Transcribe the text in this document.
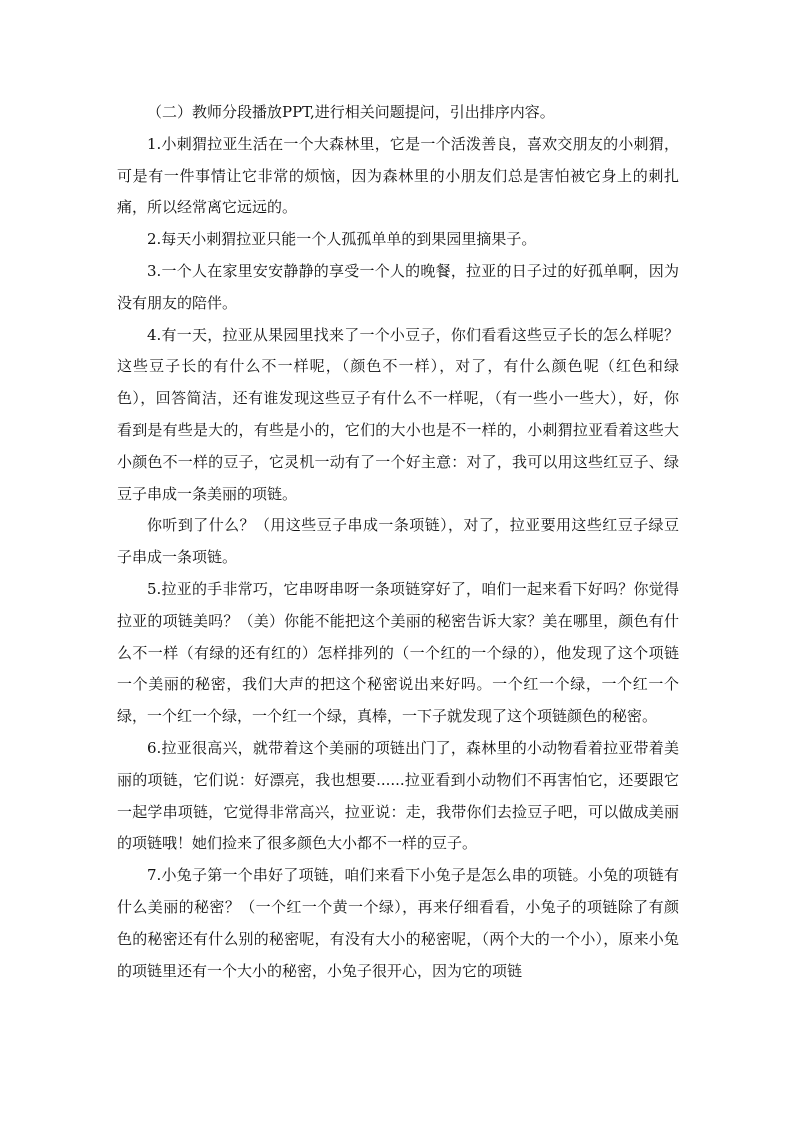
（二）教师分段播放PPT,进行相关问题提问，引出排序内容。

1.小刺猬拉亚生活在一个大森林里，它是一个活泼善良，喜欢交朋友的小刺猬，可是有一件事情让它非常的烦恼，因为森林里的小朋友们总是害怕被它身上的刺扎痛，所以经常离它远远的。

2.每天小刺猬拉亚只能一个人孤孤单单的到果园里摘果子。

3.一个人在家里安安静静的享受一个人的晚餐，拉亚的日子过的好孤单啊，因为没有朋友的陪伴。

4.有一天，拉亚从果园里找来了一个小豆子，你们看看这些豆子长的怎么样呢？这些豆子长的有什么不一样呢，（颜色不一样），对了，有什么颜色呢（红色和绿色），回答简洁，还有谁发现这些豆子有什么不一样呢，（有一些小一些大），好，你看到是有些是大的，有些是小的，它们的大小也是不一样的，小刺猬拉亚看着这些大小颜色不一样的豆子，它灵机一动有了一个好主意：对了，我可以用这些红豆子、绿豆子串成一条美丽的项链。

你听到了什么？（用这些豆子串成一条项链），对了，拉亚要用这些红豆子绿豆子串成一条项链。

5.拉亚的手非常巧，它串呀串呀一条项链穿好了，咱们一起来看下好吗？你觉得拉亚的项链美吗？（美）你能不能把这个美丽的秘密告诉大家？美在哪里，颜色有什么不一样（有绿的还有红的）怎样排列的（一个红的一个绿的），他发现了这个项链一个美丽的秘密，我们大声的把这个秘密说出来好吗。一个红一个绿，一个红一个绿，一个红一个绿，一个红一个绿，真棒，一下子就发现了这个项链颜色的秘密。

6.拉亚很高兴，就带着这个美丽的项链出门了，森林里的小动物看着拉亚带着美丽的项链，它们说：好漂亮，我也想要......拉亚看到小动物们不再害怕它，还要跟它一起学串项链，它觉得非常高兴，拉亚说：走，我带你们去捡豆子吧，可以做成美丽的项链哦！她们捡来了很多颜色大小都不一样的豆子。

7.小兔子第一个串好了项链，咱们来看下小兔子是怎么串的项链。小兔的项链有什么美丽的秘密？（一个红一个黄一个绿），再来仔细看看，小兔子的项链除了有颜色的秘密还有什么别的秘密呢，有没有大小的秘密呢，（两个大的一个小），原来小兔的项链里还有一个大小的秘密，小兔子很开心，因为它的项链
